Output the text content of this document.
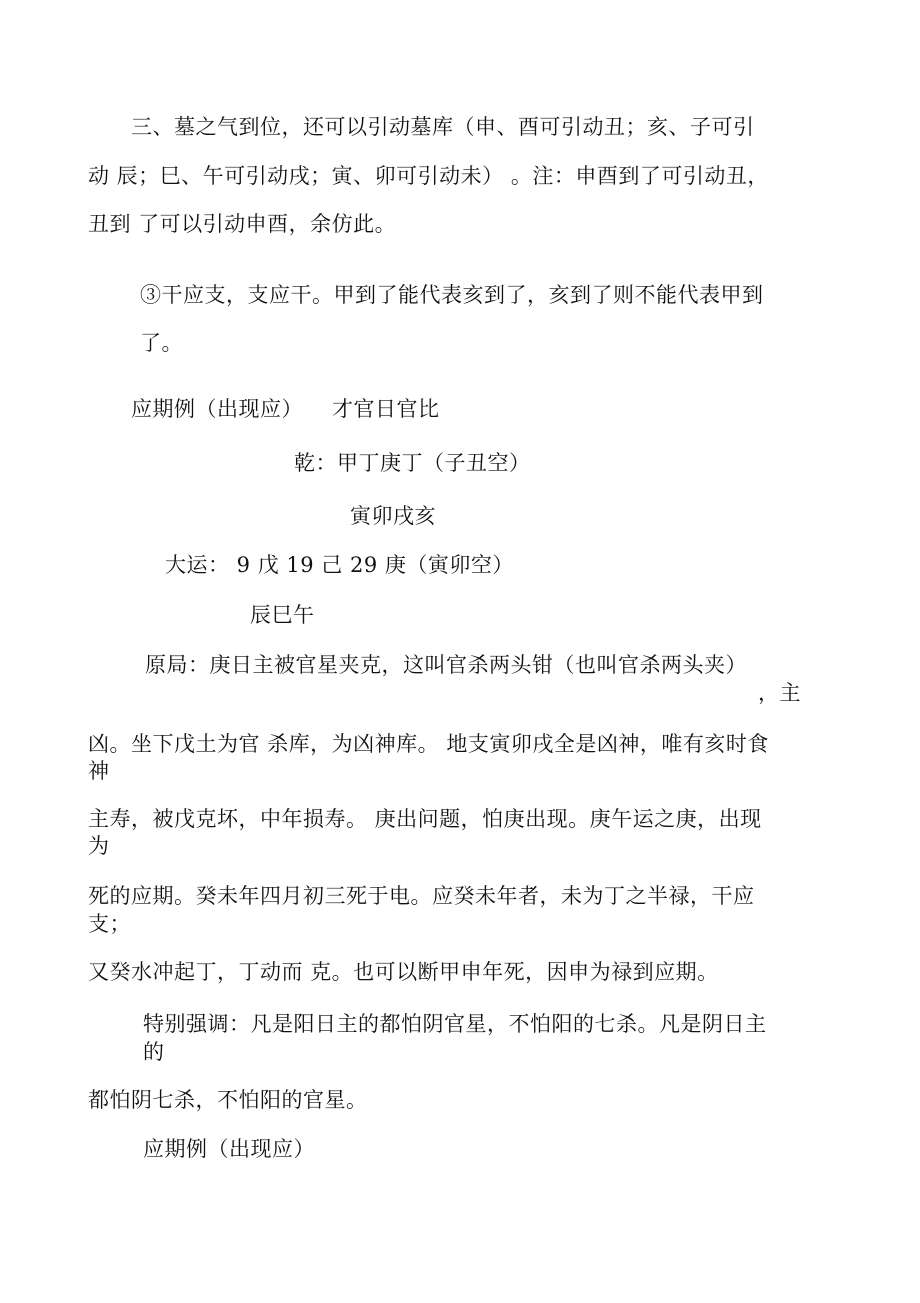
三、墓之气到位，还可以引动墓库（申、酉可引动丑；亥、子可引
动 辰；巳、午可引动戌；寅、卯可引动未） 。注：申酉到了可引动丑，
丑到 了可以引动申酉，余仿此。
③干应支，支应干。甲到了能代表亥到了，亥到了则不能代表甲到
了。
应期例（出现应） 才官日官比
乾：甲丁庚丁（子丑空）
寅卯戌亥
大运： 9 戊 19 己 29 庚（寅卯空）
辰巳午
原局：庚日主被官星夹克，这叫官杀两头钳（也叫官杀两头夹）
，主
凶。坐下戊土为官 杀库，为凶神库。 地支寅卯戌全是凶神，唯有亥时食
神
主寿，被戊克坏，中年损寿。 庚出问题，怕庚出现。庚午运之庚，出现
为
死的应期。癸未年四月初三死于电。应癸未年者，未为丁之半禄，干应
支；
又癸水冲起丁，丁动而 克。也可以断甲申年死，因申为禄到应期。
特别强调：凡是阳日主的都怕阴官星，不怕阳的七杀。凡是阴日主
的
都怕阴七杀，不怕阳的官星。
应期例（出现应）
